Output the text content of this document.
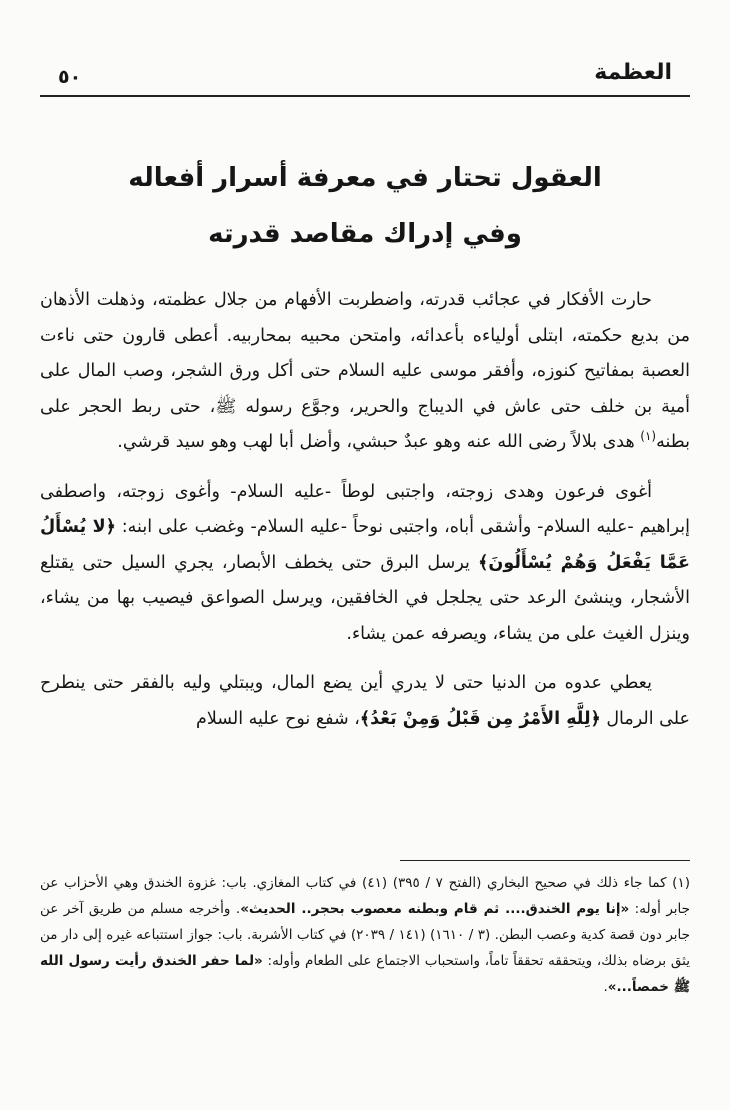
٥٠	العظمة
العقول تحتار في معرفة أسرار أفعاله
وفي إدراك مقاصد قدرته

حارت الأفكار في عجائب قدرته، واضطربت الأفهام من جلال عظمته، وذهلت الأذهان من بديع حكمته، ابتلى أولياءه بأعدائه، وامتحن محبيه بمحاربيه. أعطى قارون حتى ناءت العصبة بمفاتيح كنوزه، وأفقر موسى عليه السلام حتى أكل ورق الشجر، وصب المال على أمية بن خلف حتى عاش في الديباج والحرير، وجوَّع رسوله ﷺ، حتى ربط الحجر على بطنه$^{(١)}$ هدى بلالاً رضى الله عنه وهو عبدٌ حبشي، وأضل أبا لهب وهو سيد قرشي.

أغوى فرعون وهدى زوجته، واجتبى لوطاً -عليه السلام- وأغوى زوجته، واصطفى إبراهيم -عليه السلام- وأشقى أباه، واجتبى نوحاً -عليه السلام- وغضب على ابنه: ﴿لا يُسْأَلُ عَمَّا يَفْعَلُ وَهُمْ يُسْأَلُونَ﴾ يرسل البرق حتى يخطف الأبصار، يجري السيل حتى يقتلع الأشجار، وينشئ الرعد حتى يجلجل في الخافقين، ويرسل الصواعق فيصيب بها من يشاء، وينزل الغيث على من يشاء، ويصرفه عمن يشاء.

يعطي عدوه من الدنيا حتى لا يدري أين يضع المال، ويبتلي وليه بالفقر حتى ينطرح على الرمال ﴿لِلَّهِ الأَمْرُ مِن قَبْلُ وَمِنْ بَعْدُ﴾، شفع نوح عليه السلام

(١) كما جاء ذلك في صحيح البخاري (الفتح ٧ / ٣٩٥) (٤١) في كتاب المغازي. باب: غزوة الخندق وهي الأحزاب عن جابر أوله: «إنا يوم الخندق.... ثم قام وبطنه معصوب بحجر.. الحديث». وأخرجه مسلم من طريق آخر عن جابر دون قصة كدية وعصب البطن. (٣ / ١٦١٠) (١٤١ / ٢٠٣٩) في كتاب الأشربة. باب: جواز استتباعه غيره إلى دار من يثق برضاه بذلك، ويتحققه تحققاً تاماً، واستحباب الاجتماع على الطعام وأوله: «لما حفر الخندق رأيت رسول الله ﷺ خمصاً...».
